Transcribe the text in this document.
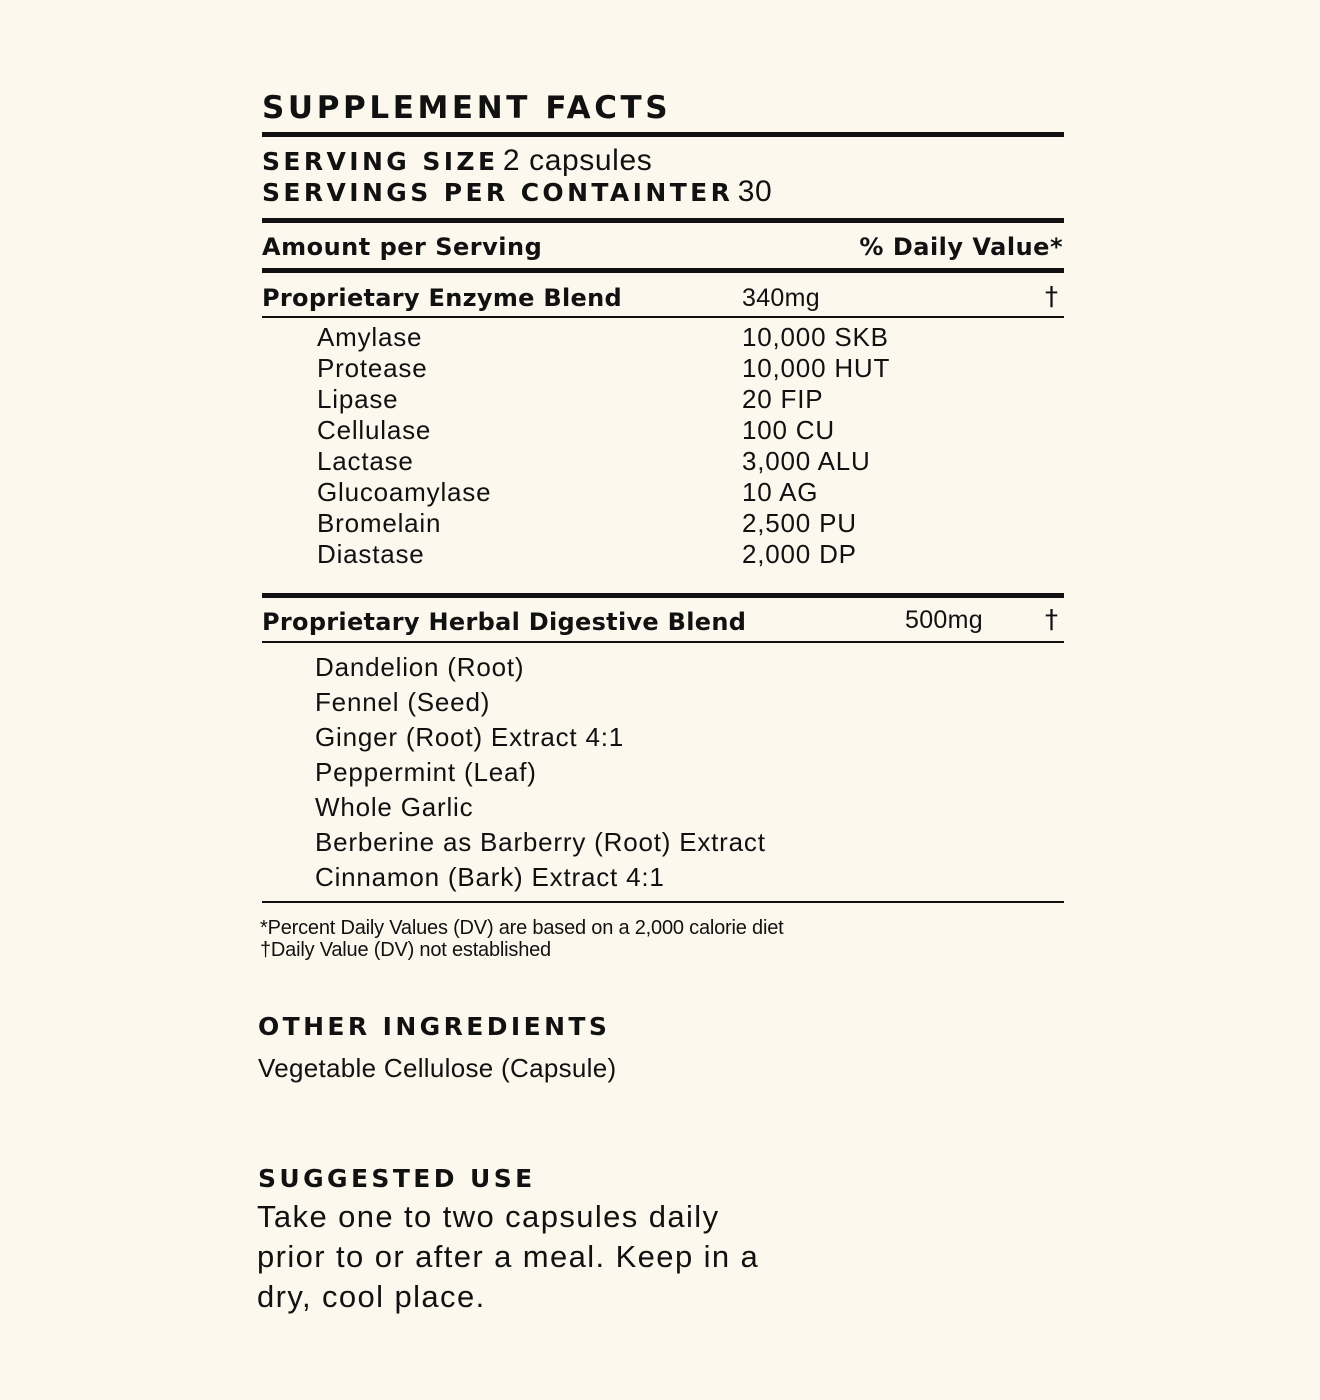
SUPPLEMENT FACTS
SERVING SIZE 2 capsules
SERVINGS PER CONTAINTER 30
Amount per Serving	% Daily Value*
Proprietary Enzyme Blend	340mg	†
Amylase	10,000 SKB
Protease	10,000 HUT
Lipase	20 FIP
Cellulase	100 CU
Lactase	3,000 ALU
Glucoamylase	10 AG
Bromelain	2,500 PU
Diastase	2,000 DP
Proprietary Herbal Digestive Blend	500mg †
Dandelion (Root)
Fennel (Seed)
Ginger (Root) Extract 4:1
Peppermint (Leaf)
Whole Garlic
Berberine as Barberry (Root) Extract
Cinnamon (Bark) Extract 4:1
*Percent Daily Values (DV) are based on a 2,000 calorie diet
†Daily Value (DV) not established
OTHER INGREDIENTS
Vegetable Cellulose (Capsule)
SUGGESTED USE
Take one to two capsules daily prior to or after a meal. Keep in a dry, cool place.
